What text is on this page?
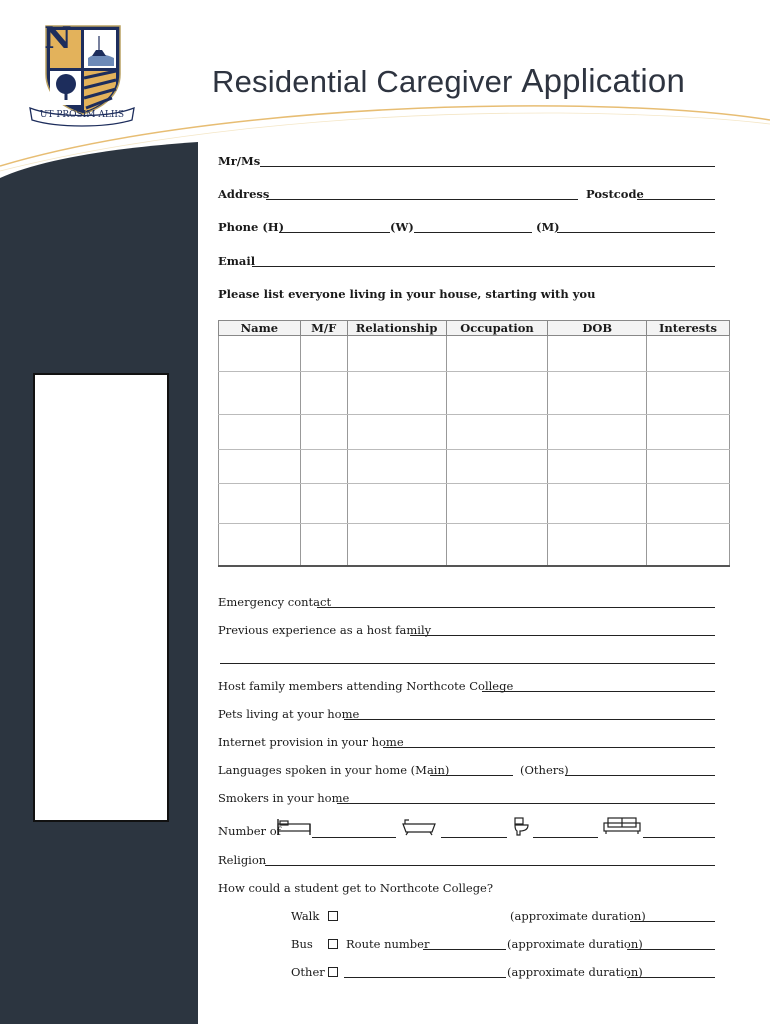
N
UT PROSIM ALIIS
Residential Caregiver Application
Mr/Ms
Address	Postcode
Phone (H)	(W)	(M)
Email
Please list everyone living in your house, starting with you
Name	M/F	Relationship	Occupation	DOB	Interests

Emergency contact
Previous experience as a host family
Host family members attending Northcote College
Pets living at your home
Internet provision in your home
Languages spoken in your home (Main)	(Others)
Smokers in your home
Number of
Religion
How could a student get to Northcote College?
Walk	(approximate duration)
Bus	Route number	(approximate duration)
Other	(approximate duration)
